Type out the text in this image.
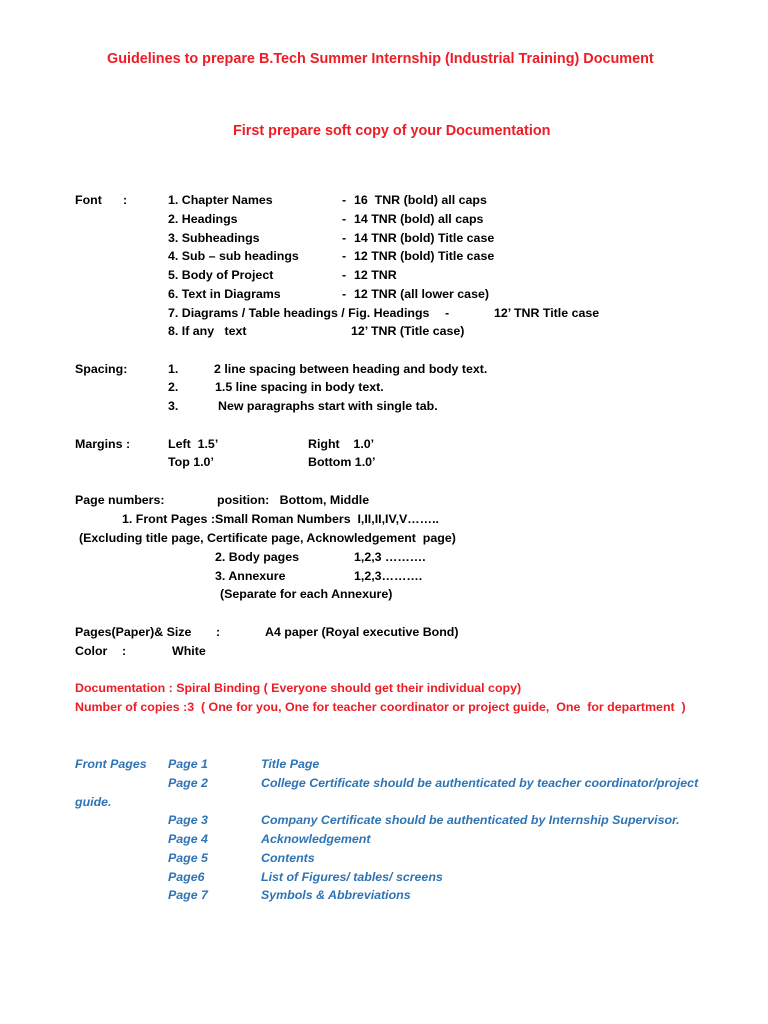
Guidelines to prepare B.Tech Summer Internship (Industrial Training) Document
First prepare soft copy of your Documentation
Font :	1. Chapter Names	- 16  TNR (bold) all caps
2. Headings	- 14 TNR (bold) all caps
3. Subheadings	- 14 TNR (bold) Title case
4. Sub – sub headings	- 12 TNR (bold) Title case
5. Body of Project	- 12 TNR
6. Text in Diagrams	- 12 TNR (all lower case)
7. Diagrams / Table headings / Fig. Headings -	12’ TNR Title case
8. If any   text	12’ TNR (Title case)
Spacing:	1.	2 line spacing between heading and body text.
2.	1.5 line spacing in body text.
3.	New paragraphs start with single tab.
Margins :	Left  1.5’	Right    1.0’
Top 1.0’	Bottom 1.0’
Page numbers:	position:   Bottom, Middle
1. Front Pages :Small Roman Numbers  I,II,II,IV,V……..
(Excluding title page, Certificate page, Acknowledgement  page)
2. Body pages	1,2,3 ……….
3. Annexure	1,2,3……….
(Separate for each Annexure)
Pages(Paper)& Size :	A4 paper (Royal executive Bond)
Color :	White
Documentation : Spiral Binding ( Everyone should get their individual copy)
Number of copies :3  ( One for you, One for teacher coordinator or project guide,  One  for department  )
Front Pages Page 1	Title Page
Page 2	College Certificate should be authenticated by teacher coordinator/project
guide.
Page 3	Company Certificate should be authenticated by Internship Supervisor.
Page 4	Acknowledgement
Page 5	Contents
Page6	List of Figures/ tables/ screens
Page 7	Symbols & Abbreviations
